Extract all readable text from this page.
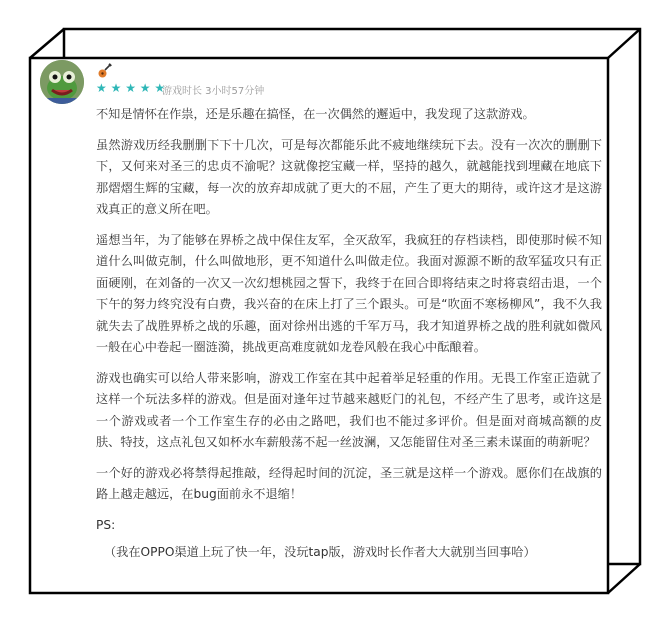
★ ★ ★ ★ ★
游戏时长 3小时57分钟

不知是情怀在作祟，还是乐趣在搞怪，在一次偶然的邂逅中，我发现了这款游戏。

虽然游戏历经我删删下下十几次，可是每次都能乐此不疲地继续玩下去。没有一次次的删删下下，又何来对圣三的忠贞不渝呢？这就像挖宝藏一样，坚持的越久，就越能找到埋藏在地底下那熠熠生辉的宝藏，每一次的放弃却成就了更大的不屈，产生了更大的期待，或许这才是这游戏真正的意义所在吧。

遥想当年，为了能够在界桥之战中保住友军，全灭敌军，我疯狂的存档读档，即使那时候不知道什么叫做克制，什么叫做地形，更不知道什么叫做走位。我面对源源不断的敌军猛攻只有正面硬刚，在刘备的一次又一次幻想桃园之誓下，我终于在回合即将结束之时将袁绍击退，一个下午的努力终究没有白费，我兴奋的在床上打了三个跟头。可是“吹面不寒杨柳风”，我不久我就失去了战胜界桥之战的乐趣，面对徐州出逃的千军万马，我才知道界桥之战的胜利就如微风一般在心中卷起一圈涟漪，挑战更高难度就如龙卷风般在我心中酝酿着。

游戏也确实可以给人带来影响，游戏工作室在其中起着举足轻重的作用。无畏工作室正造就了这样一个玩法多样的游戏。但是面对逢年过节越来越贬门的礼包，不经产生了思考，或许这是一个游戏或者一个工作室生存的必由之路吧，我们也不能过多评价。但是面对商城高额的皮肤、特技，这点礼包又如杯水车薪般荡不起一丝波澜，又怎能留住对圣三素未谋面的萌新呢？

一个好的游戏必将禁得起推敲，经得起时间的沉淀，圣三就是这样一个游戏。愿你们在战旗的路上越走越远，在bug面前永不退缩！

PS:

（我在OPPO渠道上玩了快一年，没玩tap版，游戏时长作者大大就别当回事哈）
